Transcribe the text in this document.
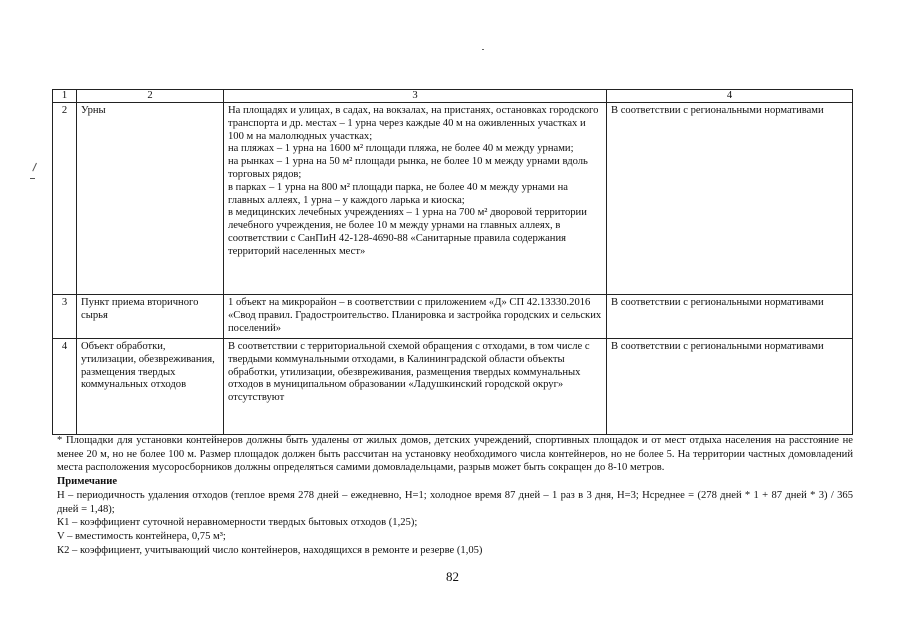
1	2	3	4
2	Урны	На площадях и улицах, в садах, на вокзалах, на пристанях, остановках городского транспорта и др. местах – 1 урна через каждые 40 м на оживленных участках и 100 м на малолюдных участках;
на пляжах – 1 урна на 1600 м² площади пляжа, не более 40 м между урнами;
на рынках – 1 урна на 50 м² площади рынка, не более 10 м между урнами вдоль торговых рядов;
в парках – 1 урна на 800 м² площади парка, не более 40 м между урнами на главных аллеях, 1 урна – у каждого ларька и киоска;
в медицинских лечебных учреждениях – 1 урна на 700 м² дворовой территории лечебного учреждения, не более 10 м между урнами на главных аллеях, в соответствии с СанПиН 42-128-4690-88 «Санитарные правила содержания территорий населенных мест»	В соответствии с региональными нормативами
3	Пункт приема вторичного сырья	1 объект на микрорайон – в соответствии с приложением «Д» СП 42.13330.2016 «Свод правил. Градостроительство. Планировка и застройка городских и сельских поселений»	В соответствии с региональными нормативами
4	Объект обработки, утилизации, обезвреживания, размещения твердых коммунальных отходов	В соответствии с территориальной схемой обращения с отходами, в том числе с твердыми коммунальными отходами, в Калининградской области объекты обработки, утилизации, обезвреживания, размещения твердых коммунальных отходов в муниципальном образовании «Ладушкинский городской округ» отсутствуют	В соответствии с региональными нормативами

* Площадки для установки контейнеров должны быть удалены от жилых домов, детских учреждений, спортивных площадок и от мест отдыха населения на расстояние не менее 20 м, но не более 100 м. Размер площадок должен быть рассчитан на установку необходимого числа контейнеров, но не более 5. На территории частных домовладений места расположения мусоросборников должны определяться самими домовладельцами, разрыв может быть сокращен до 8-10 метров.

Примечание

Н – периодичность удаления отходов (теплое время 278 дней – ежедневно, Н=1; холодное время 87 дней – 1 раз в 3 дня, Н=3; Нсреднее = (278 дней * 1 + 87 дней * 3) / 365 дней = 1,48);

К1 – коэффициент суточной неравномерности твердых бытовых отходов (1,25);

V – вместимость контейнера, 0,75 м³;

К2 – коэффициент, учитывающий число контейнеров, находящихся в ремонте и резерве (1,05)

82
